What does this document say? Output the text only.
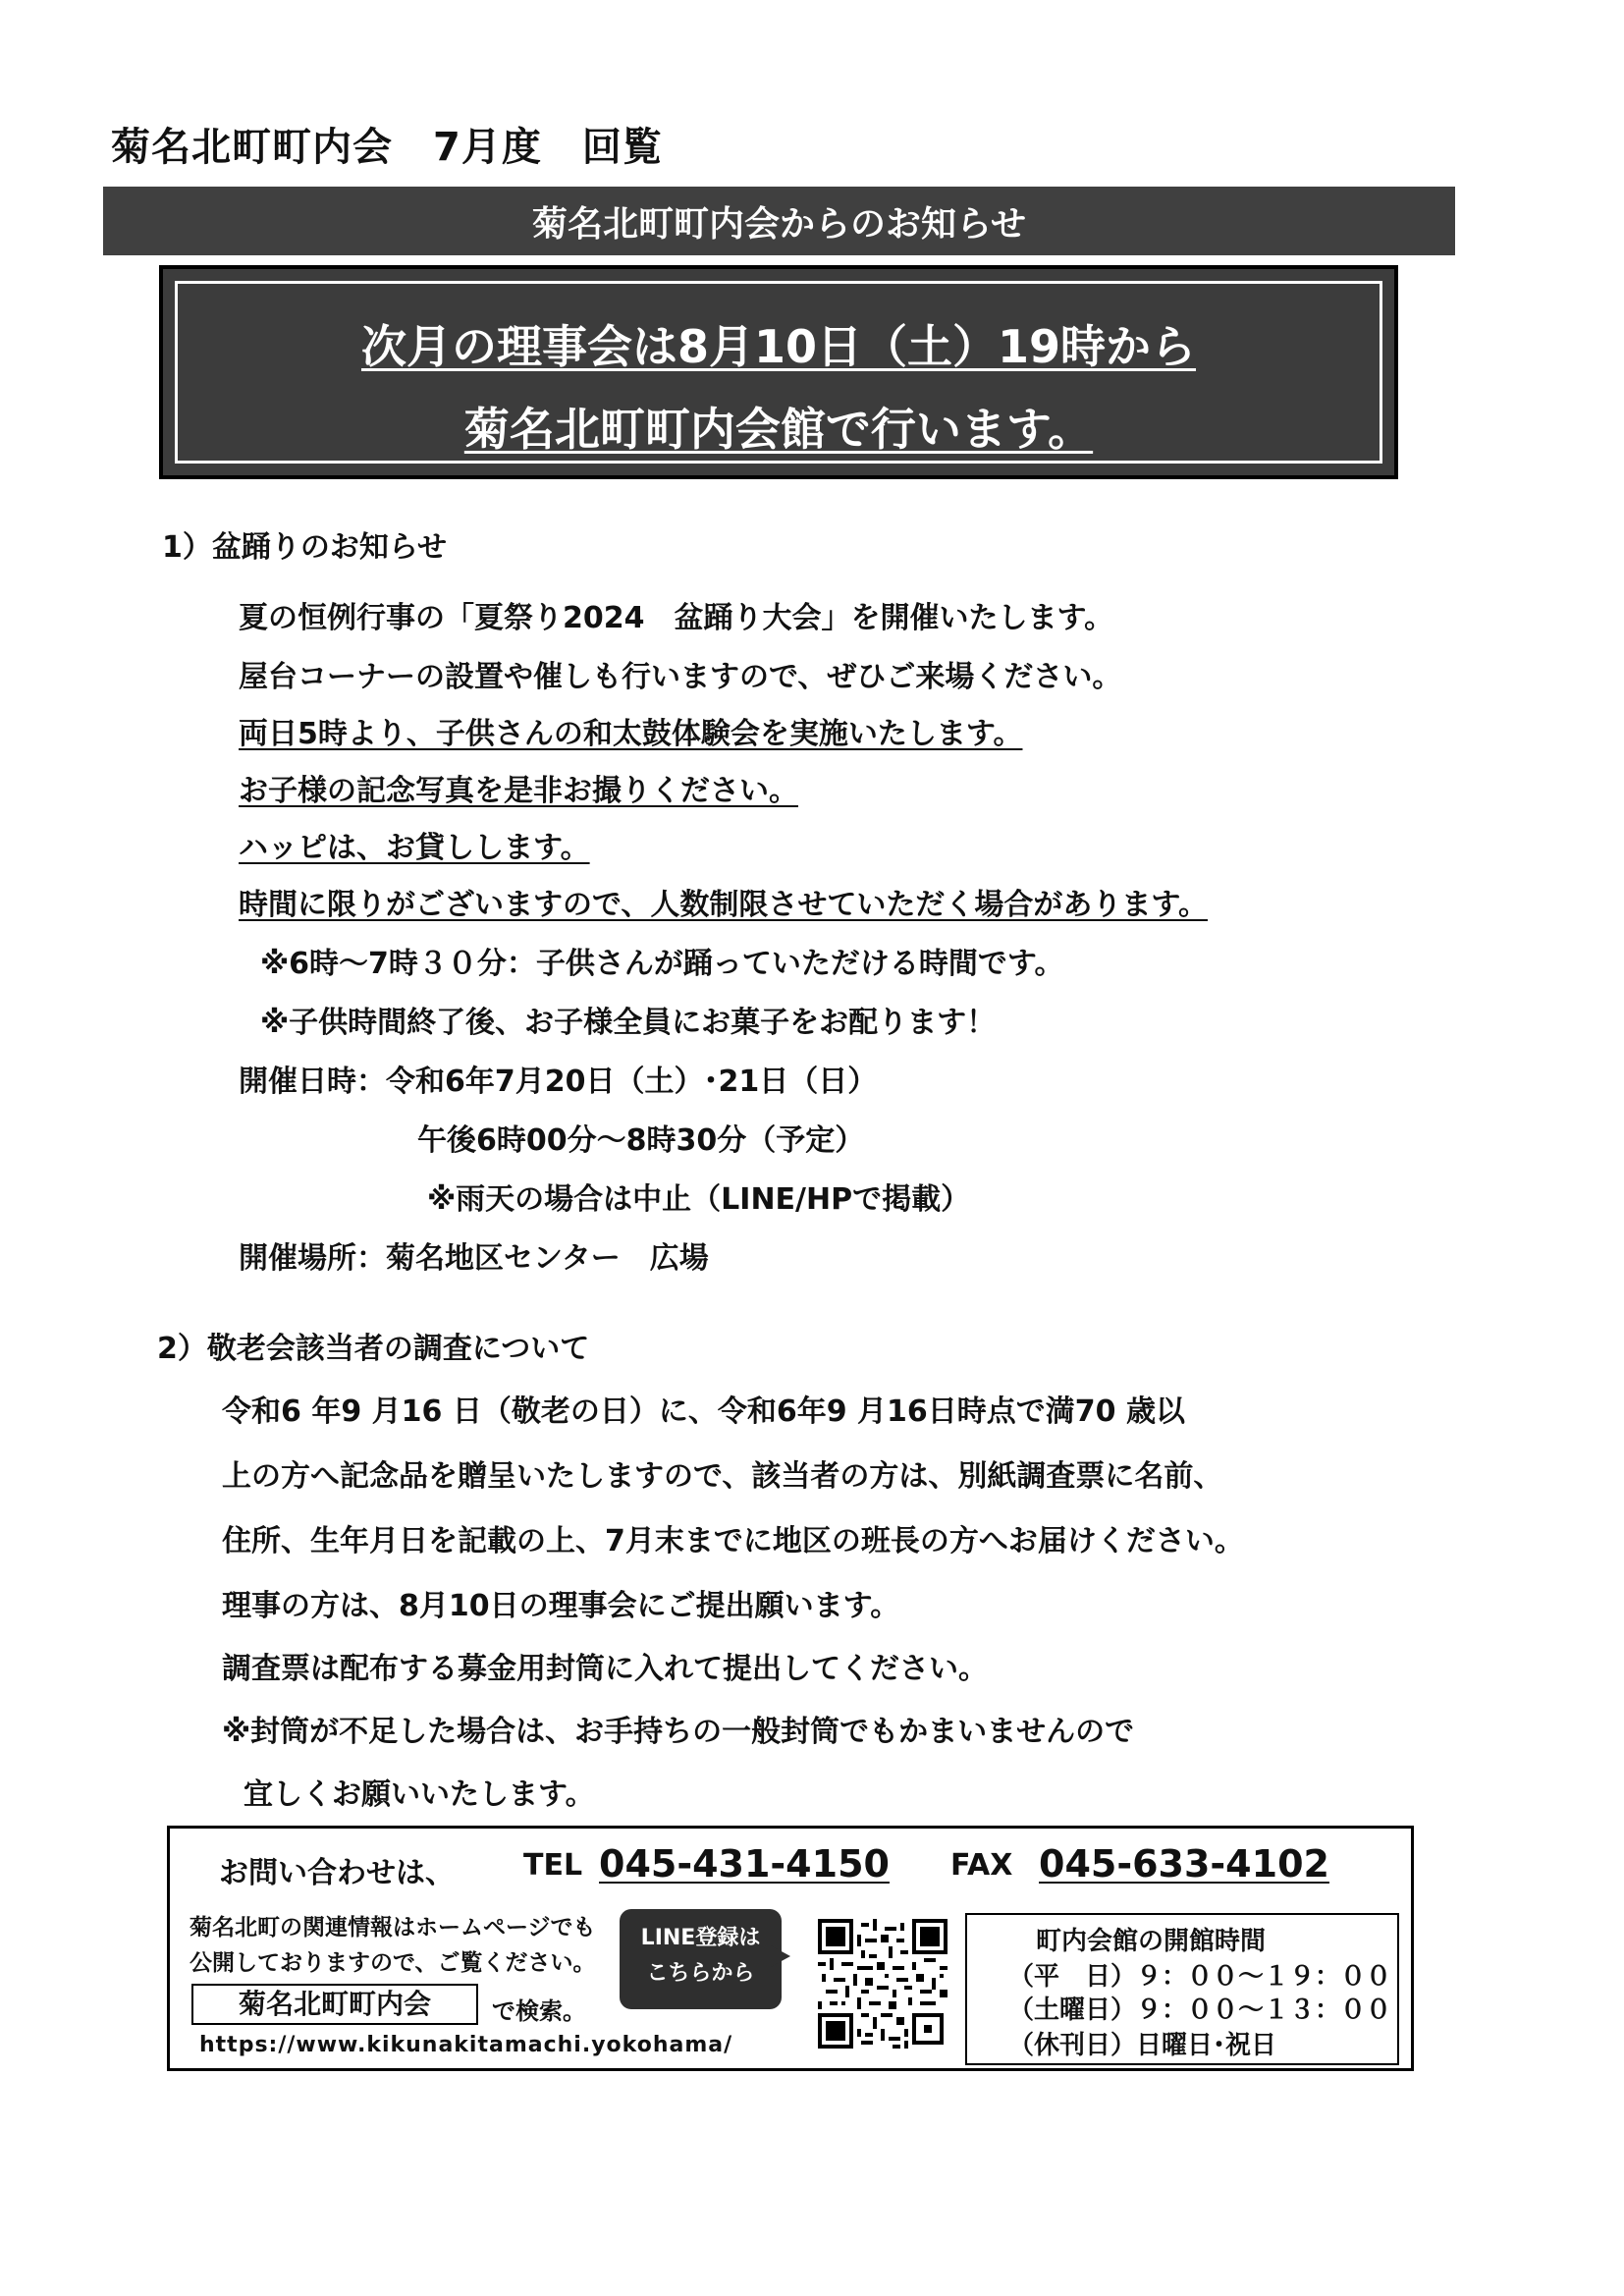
菊名北町町内会　7月度　回覧
菊名北町町内会からのお知らせ
次月の理事会は8月10日（土）19時から
菊名北町町内会館で行います。
1）盆踊りのお知らせ
夏の恒例行事の「夏祭り2024　盆踊り大会」を開催いたします。
屋台コーナーの設置や催しも行いますので、ぜひご来場ください。
両日5時より、子供さんの和太鼓体験会を実施いたします。
お子様の記念写真を是非お撮りください。
ハッピは、お貸しします。
時間に限りがございますので、人数制限させていただく場合があります。
※6時～7時３０分：子供さんが踊っていただける時間です。
※子供時間終了後、お子様全員にお菓子をお配ります！
開催日時：令和6年7月20日（土）･21日（日）
午後6時00分～8時30分（予定）
※雨天の場合は中止（LINE/HPで掲載）
開催場所：菊名地区センター　広場
2）敬老会該当者の調査について
令和6 年9 月16 日（敬老の日）に、令和6年9 月16日時点で満70 歳以
上の方へ記念品を贈呈いたしますので、該当者の方は、別紙調査票に名前、
住所、生年月日を記載の上、7月末までに地区の班長の方へお届けください。
理事の方は、8月10日の理事会にご提出願います。
調査票は配布する募金用封筒に入れて提出してください。
※封筒が不足した場合は、お手持ちの一般封筒でもかまいませんので
宜しくお願いいたします。
お問い合わせは、 TEL 045-431-4150 FAX 045-633-4102
菊名北町の関連情報はホームページでも
公開しておりますので、ご覧ください。
菊名北町町内会	で検索。
https://www.kikunakitamachi.yokohama/
LINE登録は
こちらから
町内会館の開館時間
（平　日）９：００～１９：００
（土曜日）９：００～１３：００
（休刊日）日曜日･祝日
